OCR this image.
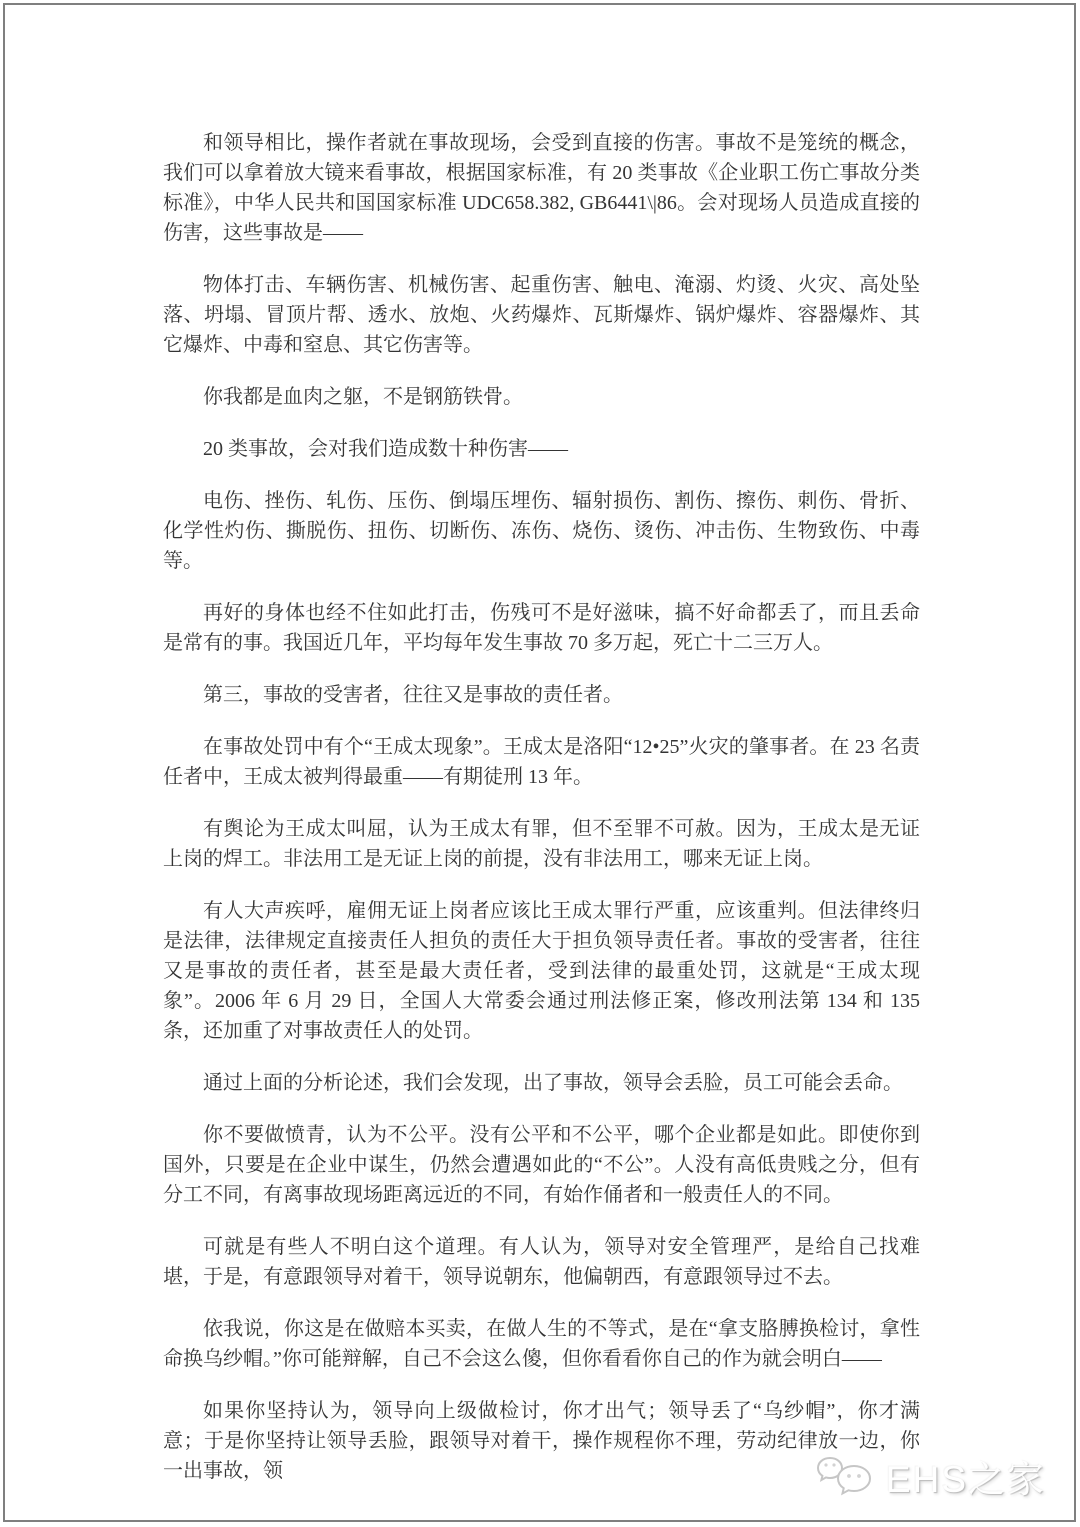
和领导相比，操作者就在事故现场，会受到直接的伤害。事故不是笼统的概念，我们可以拿着放大镜来看事故，根据国家标准，有 20 类事故《企业职工伤亡事故分类标准》，中华人民共和国国家标准 UDC658.382, GB6441\|86。会对现场人员造成直接的伤害，这些事故是——

物体打击、车辆伤害、机械伤害、起重伤害、触电、淹溺、灼烫、火灾、高处坠落、坍塌、冒顶片帮、透水、放炮、火药爆炸、瓦斯爆炸、锅炉爆炸、容器爆炸、其它爆炸、中毒和窒息、其它伤害等。

你我都是血肉之躯，不是钢筋铁骨。

20 类事故，会对我们造成数十种伤害——

电伤、挫伤、轧伤、压伤、倒塌压埋伤、辐射损伤、割伤、擦伤、刺伤、骨折、化学性灼伤、撕脱伤、扭伤、切断伤、冻伤、烧伤、烫伤、冲击伤、生物致伤、中毒等。

再好的身体也经不住如此打击，伤残可不是好滋味，搞不好命都丢了，而且丢命是常有的事。我国近几年，平均每年发生事故 70 多万起，死亡十二三万人。

第三，事故的受害者，往往又是事故的责任者。

在事故处罚中有个“王成太现象”。王成太是洛阳“12•25”火灾的肇事者。在 23 名责任者中，王成太被判得最重——有期徒刑 13 年。

有舆论为王成太叫屈，认为王成太有罪，但不至罪不可赦。因为，王成太是无证上岗的焊工。非法用工是无证上岗的前提，没有非法用工，哪来无证上岗。

有人大声疾呼，雇佣无证上岗者应该比王成太罪行严重，应该重判。但法律终归是法律，法律规定直接责任人担负的责任大于担负领导责任者。事故的受害者，往往又是事故的责任者，甚至是最大责任者，受到法律的最重处罚，这就是“王成太现象”。2006 年 6 月 29 日，全国人大常委会通过刑法修正案，修改刑法第 134 和 135 条，还加重了对事故责任人的处罚。

通过上面的分析论述，我们会发现，出了事故，领导会丢脸，员工可能会丢命。

你不要做愤青，认为不公平。没有公平和不公平，哪个企业都是如此。即使你到国外，只要是在企业中谋生，仍然会遭遇如此的“不公”。人没有高低贵贱之分，但有分工不同，有离事故现场距离远近的不同，有始作俑者和一般责任人的不同。

可就是有些人不明白这个道理。有人认为，领导对安全管理严，是给自己找难堪，于是，有意跟领导对着干，领导说朝东，他偏朝西，有意跟领导过不去。

依我说，你这是在做赔本买卖，在做人生的不等式，是在“拿支胳膊换检讨，拿性命换乌纱帽。”你可能辩解，自己不会这么傻，但你看看你自己的作为就会明白——

如果你坚持认为，领导向上级做检讨，你才出气；领导丢了“乌纱帽”，你才满意；于是你坚持让领导丢脸，跟领导对着干，操作规程你不理，劳动纪律放一边，你一出事故，领	EHS之家
